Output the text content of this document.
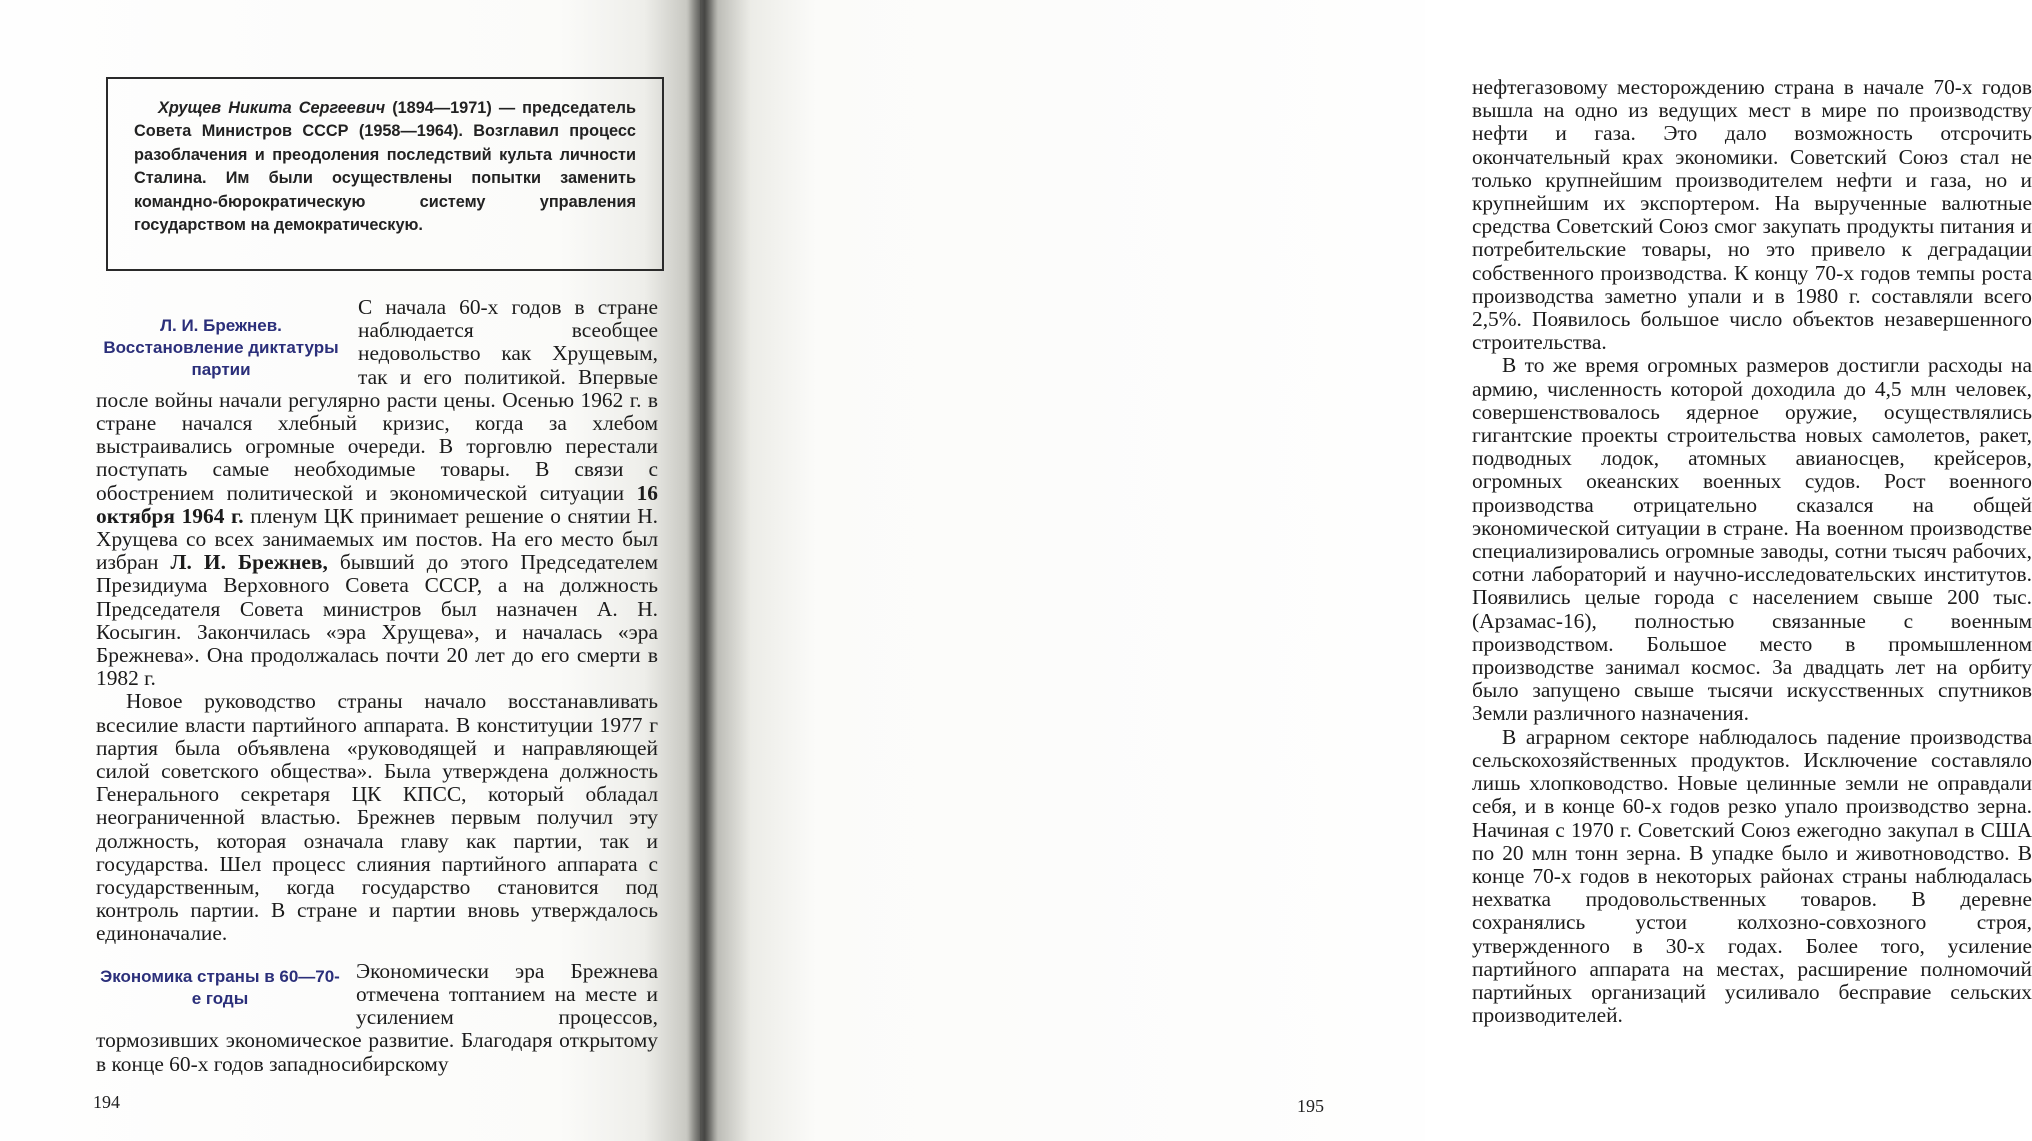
Хрущев Никита Сергеевич (1894—1971) — председатель Совета Министров СССР (1958—1964). Возглавил процесс разоблачения и преодоления последствий культа личности Сталина. Им были осуществлены попытки заменить командно-бюрократическую систему управления государством на демократическую.

Л. И. Брежнев. Восстановление диктатуры партии

С начала 60-х годов в стране наблюдается всеобщее недовольство как Хрущевым, так и его политикой. Впервые после войны начали регулярно расти цены. Осенью 1962 г. в стране начался хлебный кризис, когда за хлебом выстраивались огромные очереди. В торговлю перестали поступать самые необходимые товары. В связи с обострением политической и экономической ситуации 16 октября 1964 г. пленум ЦК принимает решение о снятии Н. Хрущева со всех занимаемых им постов. На его место был избран Л. И. Брежнев, бывший до этого Председателем Президиума Верховного Совета СССР, а на должность Председателя Совета министров был назначен А. Н. Косыгин. Закончилась «эра Хрущева», и началась «эра Брежнева». Она продолжалась почти 20 лет до его смерти в 1982 г.

Новое руководство страны начало восстанавливать всесилие власти партийного аппарата. В конституции 1977 г партия была объявлена «руководящей и направляющей силой советского общества». Была утверждена должность Генерального секретаря ЦК КПСС, который обладал неограниченной властью. Брежнев первым получил эту должность, которая означала главу как партии, так и государства. Шел процесс слияния партийного аппарата с государственным, когда государство становится под контроль партии. В стране и партии вновь утверждалось единоначалие.

Экономика страны в 60—70-е годы

Экономически эра Брежнева отмечена топтанием на месте и усилением процессов, тормозивших экономическое развитие. Благодаря открытому в конце 60-х годов западносибирскому

194

нефтегазовому месторождению страна в начале 70-х годов вышла на одно из ведущих мест в мире по производству нефти и газа. Это дало возможность отсрочить окончательный крах экономики. Советский Союз стал не только крупнейшим производителем нефти и газа, но и крупнейшим их экспортером. На вырученные валютные средства Советский Союз смог закупать продукты питания и потребительские товары, но это привело к деградации собственного производства. К концу 70-х годов темпы роста производства заметно упали и в 1980 г. составляли всего 2,5%. Появилось большое число объектов незавершенного строительства.

В то же время огромных размеров достигли расходы на армию, численность которой доходила до 4,5 млн человек, совершенствовалось ядерное оружие, осуществлялись гигантские проекты строительства новых самолетов, ракет, подводных лодок, атомных авианосцев, крейсеров, огромных океанских военных судов. Рост военного производства отрицательно сказался на общей экономической ситуации в стране. На военном производстве специализировались огромные заводы, сотни тысяч рабочих, сотни лабораторий и научно-исследовательских институтов. Появились целые города с населением свыше 200 тыс. (Арзамас-16), полностью связанные с военным производством. Большое место в промышленном производстве занимал космос. За двадцать лет на орбиту было запущено свыше тысячи искусственных спутников Земли различного назначения.

В аграрном секторе наблюдалось падение производства сельскохозяйственных продуктов. Исключение составляло лишь хлопководство. Новые целинные земли не оправдали себя, и в конце 60-х годов резко упало производство зерна. Начиная с 1970 г. Советский Союз ежегодно закупал в США по 20 млн тонн зерна. В упадке было и животноводство. В конце 70-х годов в некоторых районах страны наблюдалась нехватка продовольственных товаров. В деревне сохранялись устои колхозно-совхозного строя, утвержденного в 30-х годах. Более того, усиление партийного аппарата на местах, расширение полномочий партийных организаций усиливало бесправие сельских производителей.

195
